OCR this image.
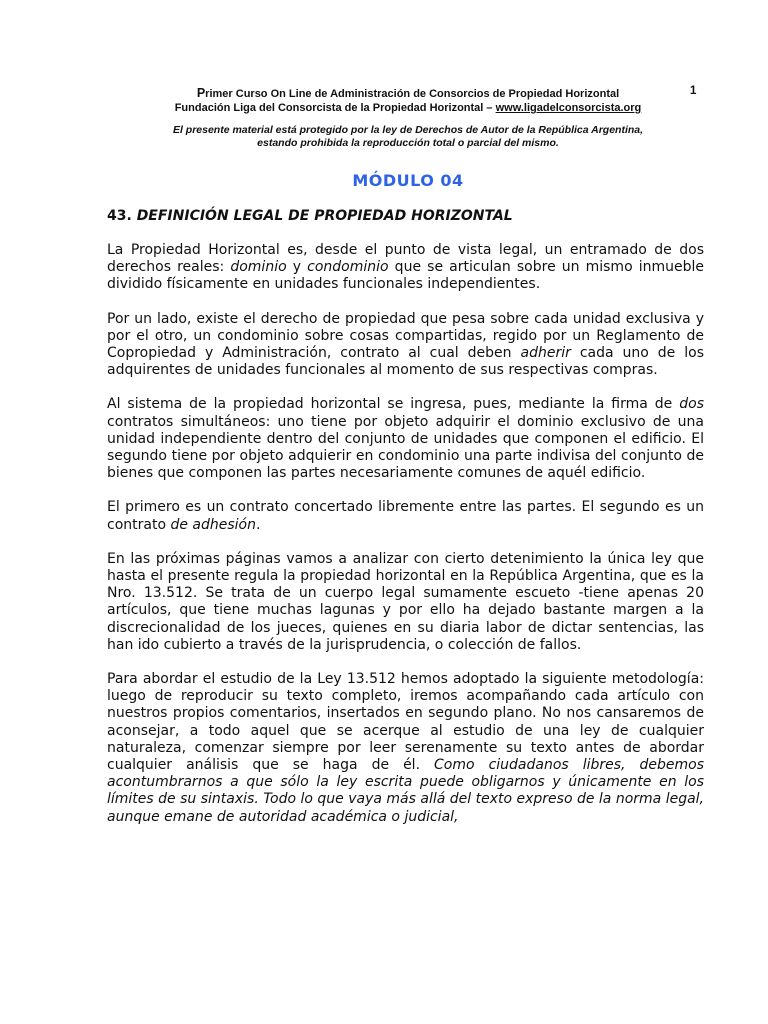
Primer Curso On Line de Administración de Consorcios de Propiedad Horizontal
Fundación Liga del Consorcista de la Propiedad Horizontal – www.ligadelconsorcista.org
1
El presente material está protegido por la ley de Derechos de Autor de la República Argentina,
estando prohibida la reproducción total o parcial del mismo.
MÓDULO 04
43. DEFINICIÓN LEGAL DE PROPIEDAD HORIZONTAL

La Propiedad Horizontal es, desde el punto de vista legal, un entramado de dos derechos reales: dominio y condominio que se articulan sobre un mismo inmueble dividido físicamente en unidades funcionales independientes.

Por un lado, existe el derecho de propiedad que pesa sobre cada unidad exclusiva y por el otro, un condominio sobre cosas compartidas, regido por un Reglamento de Copropiedad y Administración, contrato al cual deben adherir cada uno de los adquirentes de unidades funcionales al momento de sus respectivas compras.

Al sistema de la propiedad horizontal se ingresa, pues, mediante la firma de dos contratos simultáneos: uno tiene por objeto adquirir el dominio exclusivo de una unidad independiente dentro del conjunto de unidades que componen el edificio. El segundo tiene por objeto adquierir en condominio una parte indivisa del conjunto de bienes que componen las partes necesariamente comunes de aquél edificio.

El primero es un contrato concertado libremente entre las partes. El segundo es un contrato de adhesión.

En las próximas páginas vamos a analizar con cierto detenimiento la única ley que hasta el presente regula la propiedad horizontal en la República Argentina, que es la Nro. 13.512. Se trata de un cuerpo legal sumamente escueto -tiene apenas 20 artículos, que tiene muchas lagunas y por ello ha dejado bastante margen a la discrecionalidad de los jueces, quienes en su diaria labor de dictar sentencias, las han ido cubierto a través de la jurisprudencia, o colección de fallos.

Para abordar el estudio de la Ley 13.512 hemos adoptado la siguiente metodología: luego de reproducir su texto completo, iremos acompañando cada artículo con nuestros propios comentarios, insertados en segundo plano. No nos cansaremos de aconsejar, a todo aquel que se acerque al estudio de una ley de cualquier naturaleza, comenzar siempre por leer serenamente su texto antes de abordar cualquier análisis que se haga de él. Como ciudadanos libres, debemos acontumbrarnos a que sólo la ley escrita puede obligarnos y únicamente en los límites de su sintaxis. Todo lo que vaya más allá del texto expreso de la norma legal, aunque emane de autoridad académica o judicial,
